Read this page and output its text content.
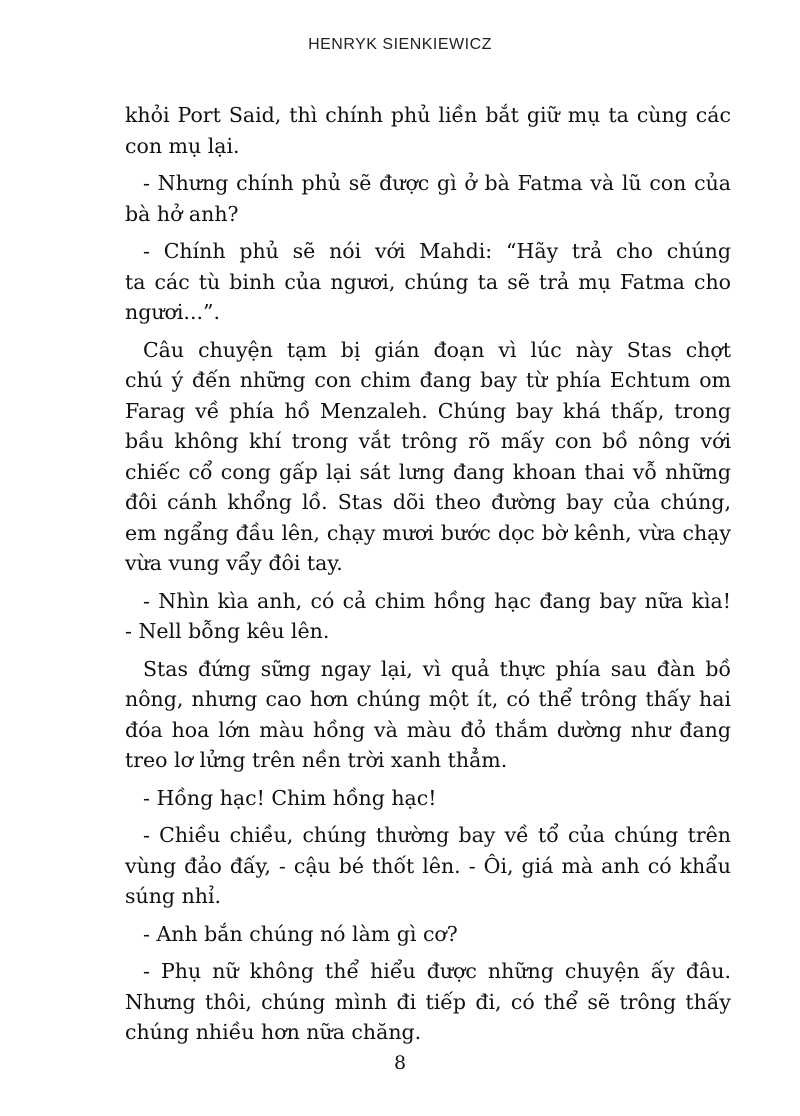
HENRYK SIENKIEWICZ
khỏi Port Said, thì chính phủ liền bắt giữ mụ ta cùng các
con mụ lại.
- Nhưng chính phủ sẽ được gì ở bà Fatma và lũ con của
bà hở anh?
- Chính phủ sẽ nói với Mahdi: “Hãy trả cho chúng
ta các tù binh của ngươi, chúng ta sẽ trả mụ Fatma cho
ngươi...”.
Câu chuyện tạm bị gián đoạn vì lúc này Stas chợt
chú ý đến những con chim đang bay từ phía Echtum om
Farag về phía hồ Menzaleh. Chúng bay khá thấp, trong
bầu không khí trong vắt trông rõ mấy con bồ nông với
chiếc cổ cong gấp lại sát lưng đang khoan thai vỗ những
đôi cánh khổng lồ. Stas dõi theo đường bay của chúng,
em ngẩng đầu lên, chạy mươi bước dọc bờ kênh, vừa chạy
vừa vung vẩy đôi tay.
- Nhìn kìa anh, có cả chim hồng hạc đang bay nữa kìa!
- Nell bỗng kêu lên.
Stas đứng sững ngay lại, vì quả thực phía sau đàn bồ
nông, nhưng cao hơn chúng một ít, có thể trông thấy hai
đóa hoa lớn màu hồng và màu đỏ thắm dường như đang
treo lơ lửng trên nền trời xanh thẳm.
- Hồng hạc! Chim hồng hạc!
- Chiều chiều, chúng thường bay về tổ của chúng trên
vùng đảo đấy, - cậu bé thốt lên. - Ôi, giá mà anh có khẩu
súng nhỉ.
- Anh bắn chúng nó làm gì cơ?
- Phụ nữ không thể hiểu được những chuyện ấy đâu.
Nhưng thôi, chúng mình đi tiếp đi, có thể sẽ trông thấy
chúng nhiều hơn nữa chăng.
8
